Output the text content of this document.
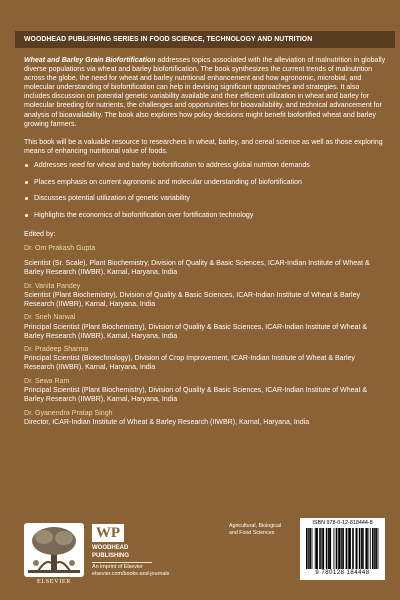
WOODHEAD PUBLISHING SERIES IN FOOD SCIENCE, TECHNOLOGY AND NUTRITION

Wheat and Barley Grain Biofortification addresses topics associated with the alleviation of malnutrition in globally diverse populations via wheat and barley biofortification. The book synthesizes the current trends of malnutrition across the globe, the need for wheat and barley nutritional enhancement and how agronomic, microbial, and molecular understanding of biofortification can help in devising significant approaches and strategies. It also includes discussion on potential genetic variability available and their efficient utilization in wheat and barley for molecular breeding for nutrients, the challenges and opportunities for bioavailability, and technical advancement for analysis of bioavailability. The book also explores how policy decisions might benefit biofortified wheat and barley growing farmers.

This book will be a valuable resource to researchers in wheat, barley, and cereal science as well as those exploring means of enhancing nutritional value of foods.

Addresses need for wheat and barley biofortification to address global nutrition demands
Places emphasis on current agronomic and molecular understanding of biofortification
Discusses potential utilization of genetic variability
Highlights the economics of biofortification over fortification technology

Edited by:

Dr. Om Prakash Gupta
Scientist (Sr. Scale), Plant Biochemistry, Division of Quality & Basic Sciences, ICAR-Indian Institute of Wheat & Barley Research (IIWBR), Karnal, Haryana, India
Dr. Vanita Pandey
Scientist (Plant Biochemistry), Division of Quality & Basic Sciences, ICAR-Indian Institute of Wheat & Barley Research (IIWBR), Karnal, Haryana, India
Dr. Sneh Narwal
Principal Scientist (Plant Biochemistry), Division of Quality & Basic Sciences, ICAR-Indian Institute of Wheat & Barley Research (IIWBR), Karnal, Haryana, India
Dr. Pradeep Sharma
Principal Scientist (Biotechnology), Division of Crop Improvement, ICAR-Indian Institute of Wheat & Barley Research (IIWBR), Karnal, Haryana, India
Dr. Sewa Ram
Principal Scientist (Plant Biochemistry), Division of Quality & Basic Sciences, ICAR-Indian Institute of Wheat & Barley Research (IIWBR), Karnal, Haryana, India
Dr. Gyanendra Pratap Singh
Director, ICAR-Indian Institute of Wheat & Barley Research (IIWBR), Karnal, Haryana, India
ELSEVIER
WP
WOODHEAD
PUBLISHING
An imprint of Elsevier
elsevier.com/books-and-journals
Agricultural, Biological
and Food Sciences
ISBN 978-0-12-818444-8
9 780128 184448
